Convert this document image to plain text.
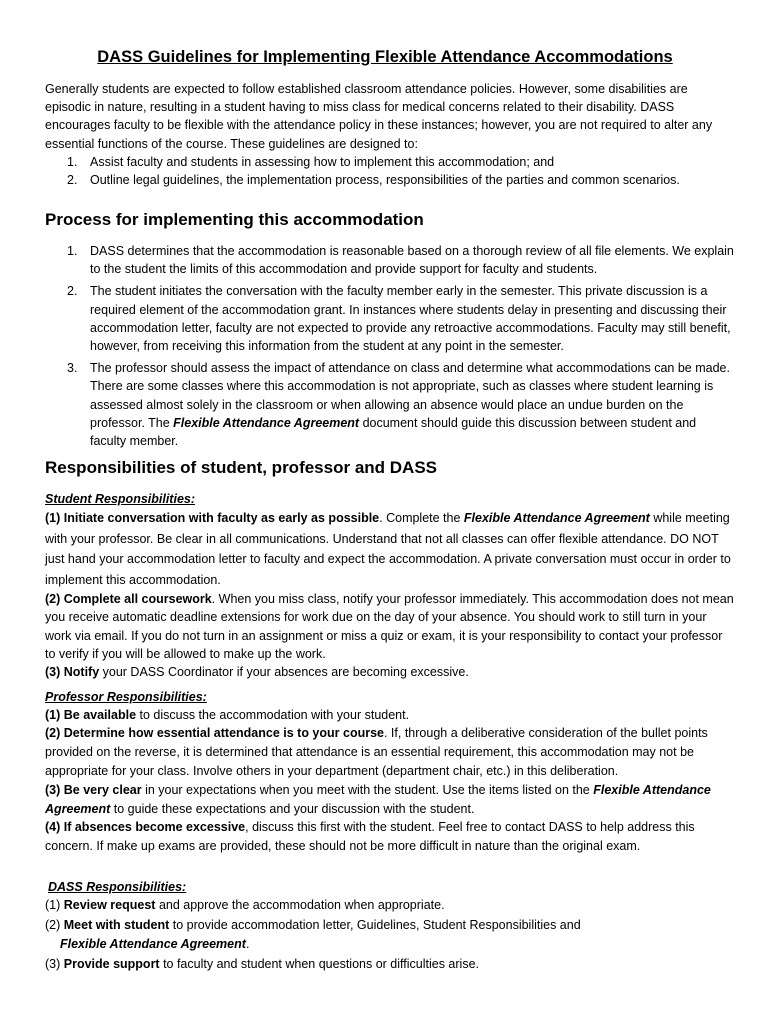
DASS Guidelines for Implementing Flexible Attendance Accommodations
Generally students are expected to follow established classroom attendance policies. However, some disabilities are episodic in nature, resulting in a student having to miss class for medical concerns related to their disability. DASS encourages faculty to be flexible with the attendance policy in these instances; however, you are not required to alter any essential functions of the course. These guidelines are designed to:
1. Assist faculty and students in assessing how to implement this accommodation; and
2. Outline legal guidelines, the implementation process, responsibilities of the parties and common scenarios.
Process for implementing this accommodation
1. DASS determines that the accommodation is reasonable based on a thorough review of all file elements. We explain to the student the limits of this accommodation and provide support for faculty and students.
2. The student initiates the conversation with the faculty member early in the semester. This private discussion is a required element of the accommodation grant. In instances where students delay in presenting and discussing their accommodation letter, faculty are not expected to provide any retroactive accommodations. Faculty may still benefit, however, from receiving this information from the student at any point in the semester.
3. The professor should assess the impact of attendance on class and determine what accommodations can be made. There are some classes where this accommodation is not appropriate, such as classes where student learning is assessed almost solely in the classroom or when allowing an absence would place an undue burden on the professor. The Flexible Attendance Agreement document should guide this discussion between student and faculty member.
Responsibilities of student, professor and DASS
Student Responsibilities:
(1) Initiate conversation with faculty as early as possible. Complete the Flexible Attendance Agreement while meeting with your professor. Be clear in all communications. Understand that not all classes can offer flexible attendance. DO NOT just hand your accommodation letter to faculty and expect the accommodation. A private conversation must occur in order to implement this accommodation.
(2) Complete all coursework. When you miss class, notify your professor immediately. This accommodation does not mean you receive automatic deadline extensions for work due on the day of your absence. You should work to still turn in your work via email. If you do not turn in an assignment or miss a quiz or exam, it is your responsibility to contact your professor to verify if you will be allowed to make up the work.
(3) Notify your DASS Coordinator if your absences are becoming excessive.
Professor Responsibilities:
(1) Be available to discuss the accommodation with your student.
(2) Determine how essential attendance is to your course. If, through a deliberative consideration of the bullet points provided on the reverse, it is determined that attendance is an essential requirement, this accommodation may not be appropriate for your class. Involve others in your department (department chair, etc.) in this deliberation.
(3) Be very clear in your expectations when you meet with the student. Use the items listed on the Flexible Attendance Agreement to guide these expectations and your discussion with the student.
(4) If absences become excessive, discuss this first with the student. Feel free to contact DASS to help address this concern. If make up exams are provided, these should not be more difficult in nature than the original exam.
DASS Responsibilities:
(1) Review request and approve the accommodation when appropriate.
(2) Meet with student to provide accommodation letter, Guidelines, Student Responsibilities and
Flexible Attendance Agreement.
(3) Provide support to faculty and student when questions or difficulties arise.
